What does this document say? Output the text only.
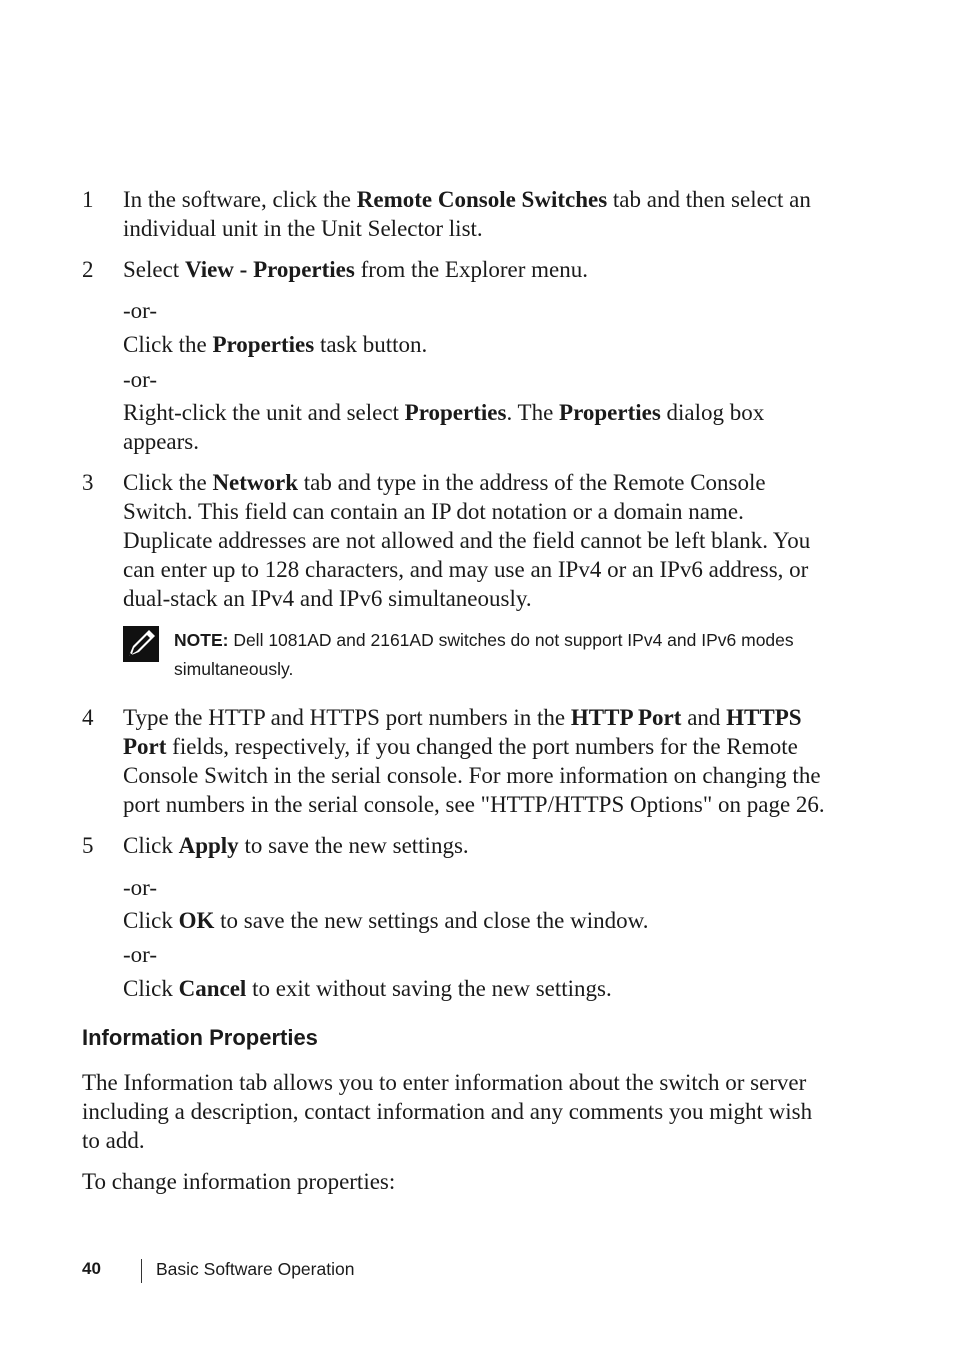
1	In the software, click the Remote Console Switches tab and then select an
individual unit in the Unit Selector list.
2	Select View - Properties from the Explorer menu.
-or-
Click the Properties task button.
-or-
Right-click the unit and select Properties. The Properties dialog box
appears.
3	Click the Network tab and type in the address of the Remote Console
Switch. This field can contain an IP dot notation or a domain name.
Duplicate addresses are not allowed and the field cannot be left blank. You
can enter up to 128 characters, and may use an IPv4 or an IPv6 address, or
dual-stack an IPv4 and IPv6 simultaneously.
NOTE: Dell 1081AD and 2161AD switches do not support IPv4 and IPv6 modes
simultaneously.
4	Type the HTTP and HTTPS port numbers in the HTTP Port and HTTPS
Port fields, respectively, if you changed the port numbers for the Remote
Console Switch in the serial console. For more information on changing the
port numbers in the serial console, see "HTTP/HTTPS Options" on page 26.
5	Click Apply to save the new settings.
-or-
Click OK to save the new settings and close the window.
-or-
Click Cancel to exit without saving the new settings.
Information Properties
The Information tab allows you to enter information about the switch or server
including a description, contact information and any comments you might wish
to add.
To change information properties:
40	Basic Software Operation
